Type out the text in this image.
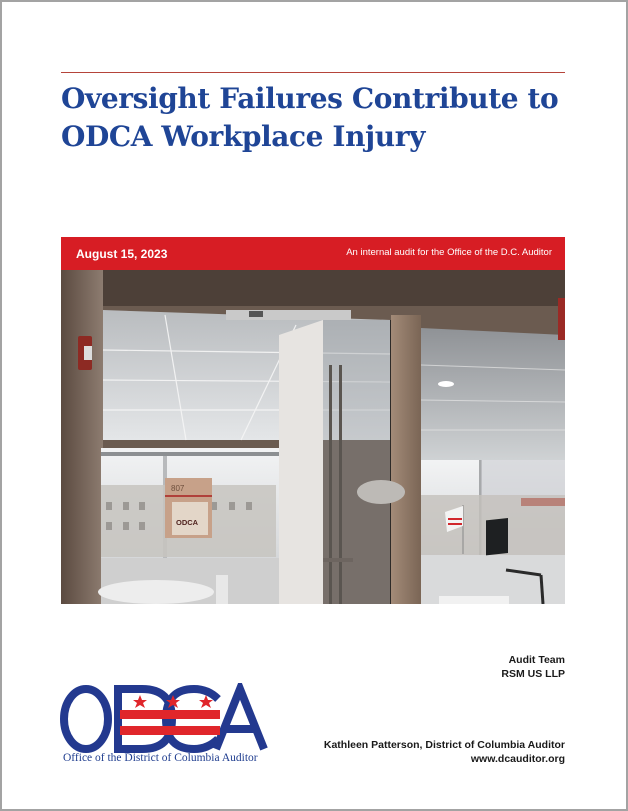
Oversight Failures Contribute to
ODCA Workplace Injury
August 15, 2023	An internal audit for the Office of the D.C. Auditor
807
ODCA
Audit Team
RSM US LLP
Office of the District of Columbia Auditor
Kathleen Patterson, District of Columbia Auditor
www.dcauditor.org
